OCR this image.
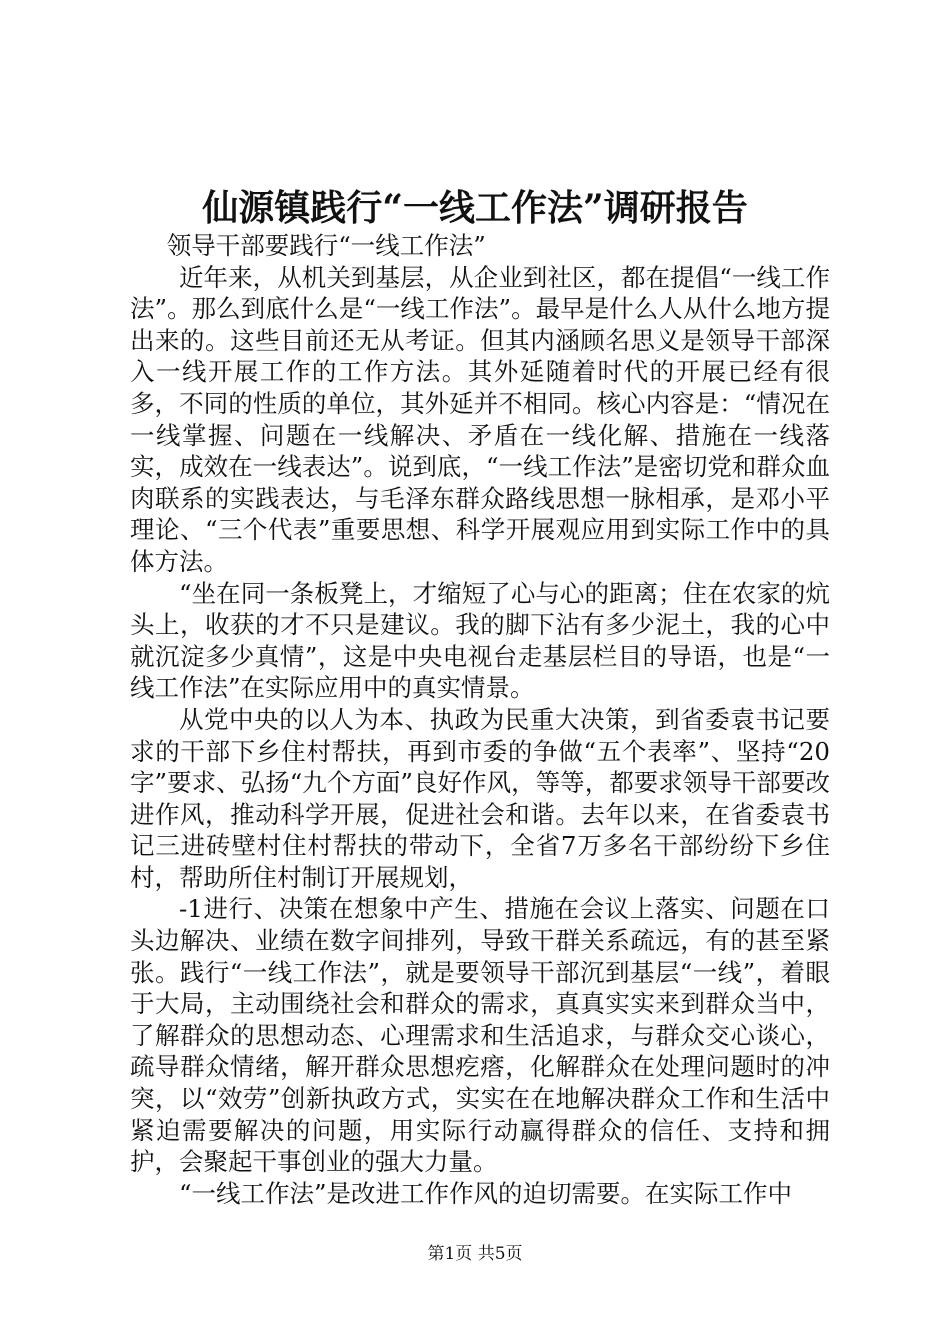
仙源镇践行“一线工作法”调研报告

领导干部要践行“一线工作法”

近年来，从机关到基层，从企业到社区，都在提倡“一线工作法”。那么到底什么是“一线工作法”。最早是什么人从什么地方提出来的。这些目前还无从考证。但其内涵顾名思义是领导干部深入一线开展工作的工作方法。其外延随着时代的开展已经有很多，不同的性质的单位，其外延并不相同。核心内容是：“情况在一线掌握、问题在一线解决、矛盾在一线化解、措施在一线落实，成效在一线表达”。说到底，“一线工作法”是密切党和群众血肉联系的实践表达，与毛泽东群众路线思想一脉相承，是邓小平理论、“三个代表”重要思想、科学开展观应用到实际工作中的具体方法。

“坐在同一条板凳上，才缩短了心与心的距离；住在农家的炕头上，收获的才不只是建议。我的脚下沾有多少泥土，我的心中就沉淀多少真情”，这是中央电视台走基层栏目的导语，也是“一线工作法”在实际应用中的真实情景。

从党中央的以人为本、执政为民重大决策，到省委袁书记要求的干部下乡住村帮扶，再到市委的争做“五个表率”、坚持“20字”要求、弘扬“九个方面”良好作风，等等，都要求领导干部要改进作风，推动科学开展，促进社会和谐。去年以来，在省委袁书记三进砖壁村住村帮扶的带动下，全省7万多名干部纷纷下乡住村，帮助所住村制订开展规划，

-1进行、决策在想象中产生、措施在会议上落实、问题在口头边解决、业绩在数字间排列，导致干群关系疏远，有的甚至紧张。践行“一线工作法”，就是要领导干部沉到基层“一线”，着眼于大局，主动围绕社会和群众的需求，真真实实来到群众当中，了解群众的思想动态、心理需求和生活追求，与群众交心谈心，疏导群众情绪，解开群众思想疙瘩，化解群众在处理问题时的冲突，以“效劳”创新执政方式，实实在在地解决群众工作和生活中紧迫需要解决的问题，用实际行动赢得群众的信任、支持和拥护，会聚起干事创业的强大力量。

“一线工作法”是改进工作作风的迫切需要。在实际工作中

第1页 共5页
